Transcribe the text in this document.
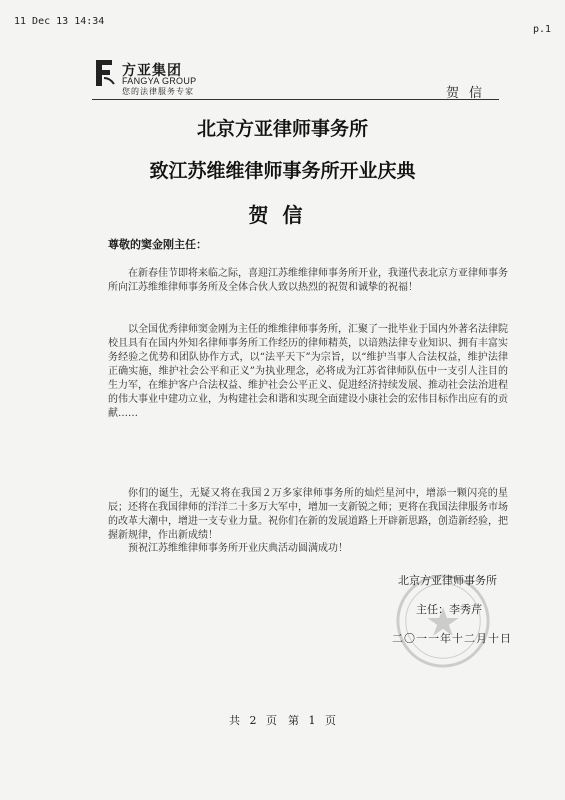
11 Dec 13 14:34
p.1
方亚集团
FANGYA GROUP
您的法律服务专家	贺信
北京方亚律师事务所
致江苏维维律师事务所开业庆典
贺信
尊敬的窦金刚主任：

在新春佳节即将来临之际，喜迎江苏维维律师事务所开业，我谨代表北京方亚律师事务所向江苏维维律师事务所及全体合伙人致以热烈的祝贺和诚挚的祝福！

以全国优秀律师窦金刚为主任的维维律师事务所，汇聚了一批毕业于国内外著名法律院校且具有在国内外知名律师事务所工作经历的律师精英，以谙熟法律专业知识、拥有丰富实务经验之优势和团队协作方式，以“法平天下”为宗旨，以“维护当事人合法权益，维护法律正确实施，维护社会公平和正义”为执业理念，必将成为江苏省律师队伍中一支引人注目的生力军，在维护客户合法权益、维护社会公平正义、促进经济持续发展、推动社会法治进程的伟大事业中建功立业，为构建社会和谐和实现全面建设小康社会的宏伟目标作出应有的贡献……

你们的诞生，无疑又将在我国２万多家律师事务所的灿烂星河中，增添一颗闪亮的星辰；还将在我国律师的洋洋二十多万大军中，增加一支新锐之师；更将在我国法律服务市场的改革大潮中，增进一支专业力量。祝你们在新的发展道路上开辟新思路，创造新经验，把握新规律，作出新成绩！

预祝江苏维维律师事务所开业庆典活动圆满成功！

北京方亚律师事务所
主任：李秀芹
二〇一一年十二月十日
共 2 页　第 1 页
